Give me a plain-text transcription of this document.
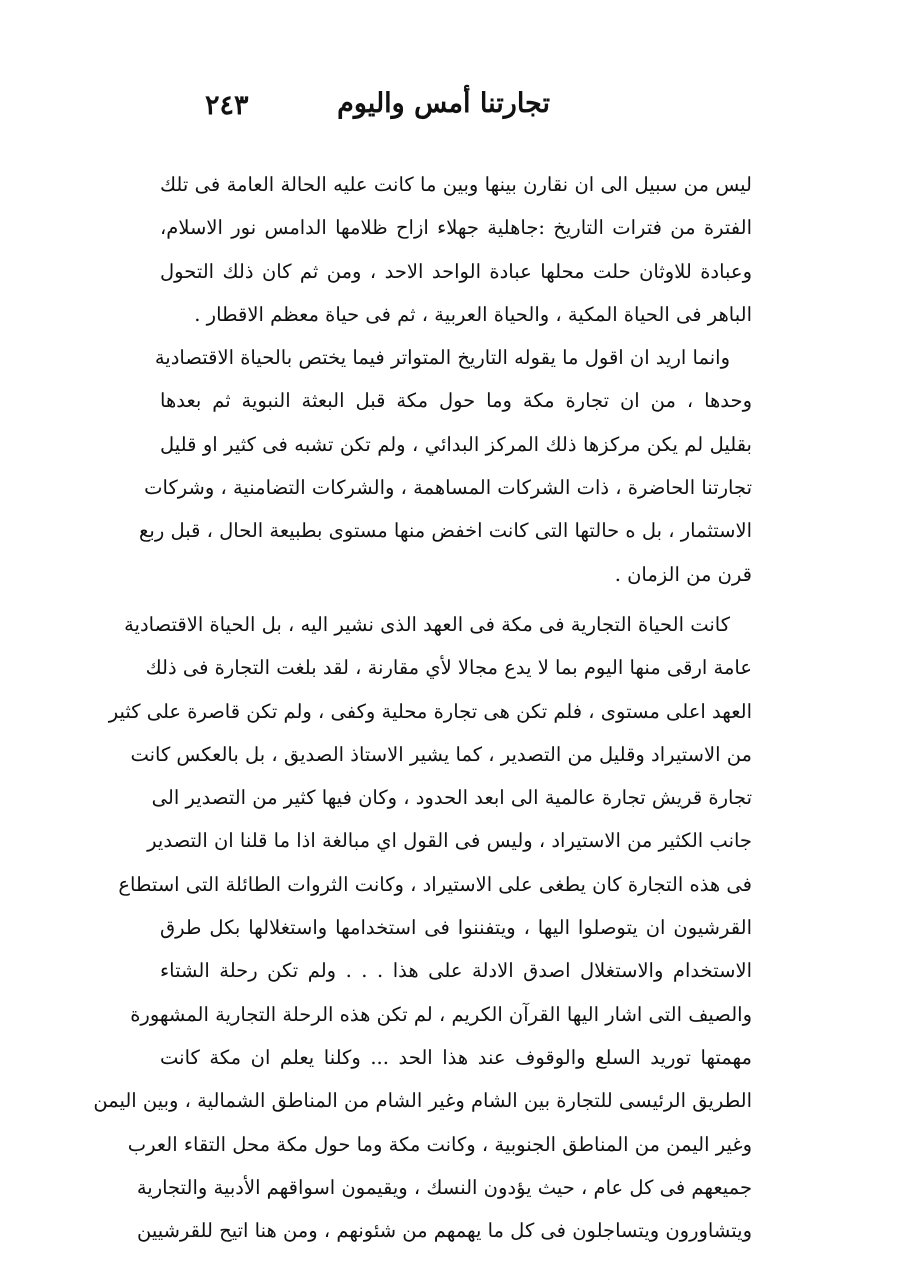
تجارتنا أمس واليوم
٢٤٣
ليس من سبيل الى ان نقارن بينها وبين ما كانت عليه الحالة العامة فى تلك
الفترة من فترات التاريخ :جاهلية جهلاء ازاح ظلامها الدامس نور الاسلام،
وعبادة للاوثان حلت محلها عبادة الواحد الاحد ، ومن ثم كان ذلك التحول
الباهر فى الحياة المكية ، والحياة العربية ، ثم فى حياة معظم الاقطار .
وانما اريد ان اقول ما يقوله التاريخ المتواتر فيما يختص بالحياة الاقتصادية
وحدها ، من ان تجارة مكة وما حول مكة قبل البعثة النبوية ثم بعدها
بقليل لم يكن مركزها ذلك المركز البدائي ، ولم تكن تشبه فى كثير او قليل
تجارتنا الحاضرة ، ذات الشركات المساهمة ، والشركات التضامنية ، وشركات
الاستثمار ، بل ه حالتها التى كانت اخفض منها مستوى بطبيعة الحال ، قبل ربع
قرن من الزمان .
كانت الحياة التجارية فى مكة فى العهد الذى نشير اليه ، بل الحياة الاقتصادية
عامة ارقى منها اليوم بما لا يدع مجالا لأي مقارنة ، لقد بلغت التجارة فى ذلك
العهد اعلى مستوى ، فلم تكن هى تجارة محلية وكفى ، ولم تكن قاصرة على كثير
من الاستيراد وقليل من التصدير ، كما يشير الاستاذ الصديق ، بل بالعكس كانت
تجارة قريش تجارة عالمية الى ابعد الحدود ، وكان فيها كثير من التصدير الى
جانب الكثير من الاستيراد ، وليس فى القول اي مبالغة اذا ما قلنا ان التصدير
فى هذه التجارة كان يطغى على الاستيراد ، وكانت الثروات الطائلة التى استطاع
القرشيون ان يتوصلوا اليها ، ويتفننوا فى استخدامها واستغلالها بكل طرق
الاستخدام والاستغلال اصدق الادلة على هذا . . . ولم تكن رحلة الشتاء
والصيف التى اشار اليها القرآن الكريم ، لم تكن هذه الرحلة التجارية المشهورة
مهمتها توريد السلع والوقوف عند هذا الحد ... وكلنا يعلم ان مكة كانت
الطريق الرئيسى للتجارة بين الشام وغير الشام من المناطق الشمالية ، وبين اليمن
وغير اليمن من المناطق الجنوبية ، وكانت مكة وما حول مكة محل التقاء العرب
جميعهم فى كل عام ، حيث يؤدون النسك ، ويقيمون اسواقهم الأدبية والتجارية
ويتشاورون ويتساجلون فى كل ما يهمهم من شئونهم ، ومن هنا اتيح للقرشيين
